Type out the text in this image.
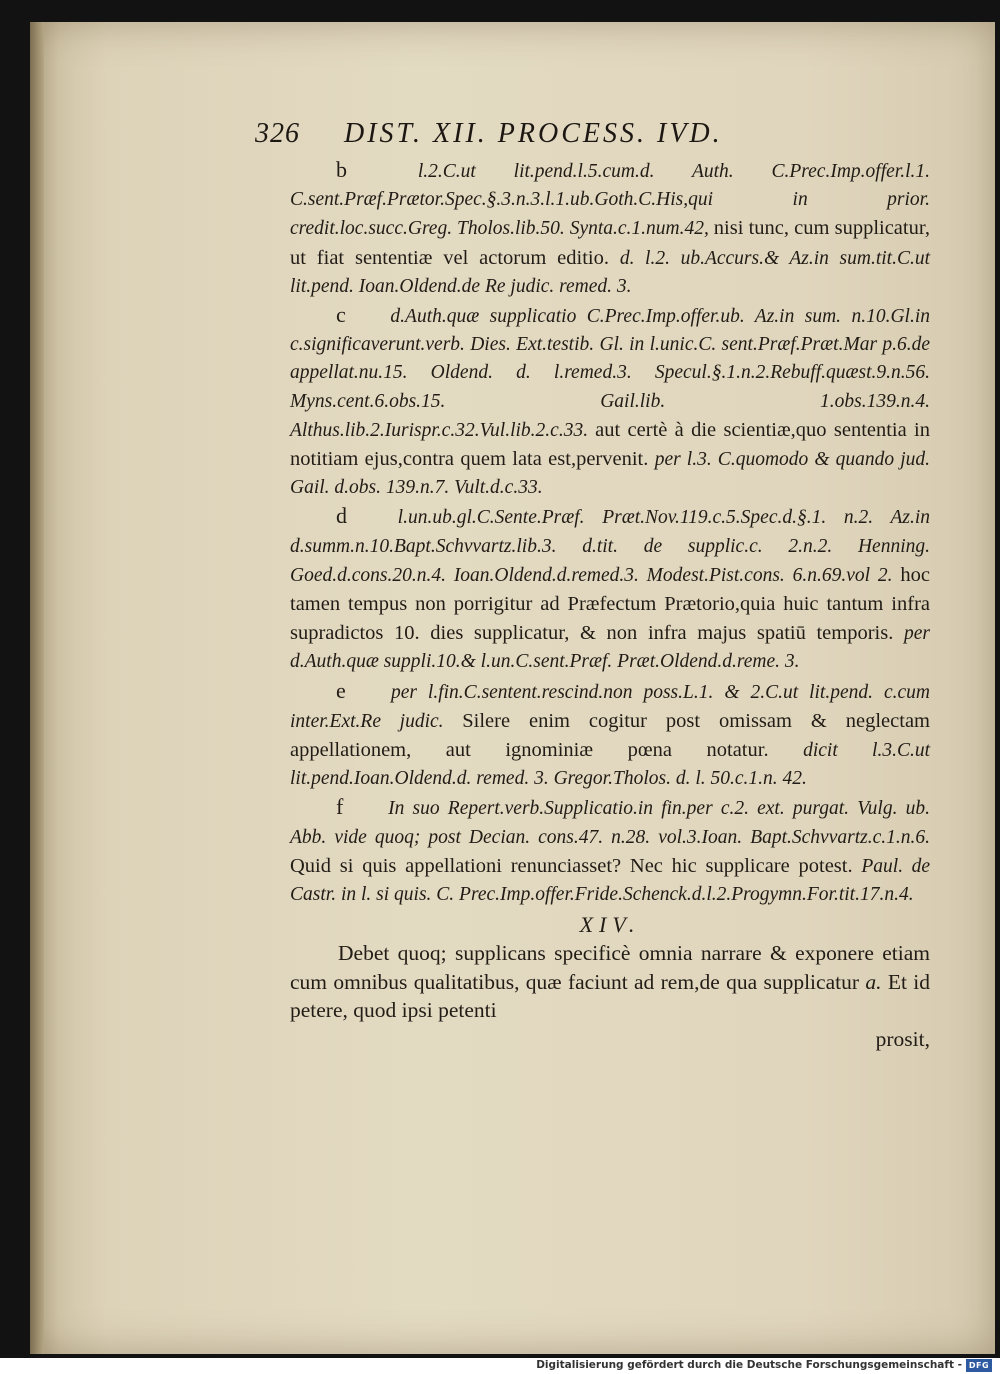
326 DIST. XII. PROCESS. IVD.

b	l.2.C.ut lit.pend.l.5.cum.d. Auth. C.Prec.Imp.offer.l.1. C.sent.Præf.Prætor.Spec.§.3.n.3.l.1.ub.Goth.C.His,qui in prior. credit.loc.succ.Greg. Tholos.lib.50. Synta.c.1.num.42, nisi tunc, cum supplicatur, ut fiat sententiæ vel actorum editio. d. l.2. ub.Accurs.& Az.in sum.tit.C.ut lit.pend. Ioan.Oldend.de Re judic. remed. 3.

c d.Auth.quæ supplicatio C.Prec.Imp.offer.ub. Az.in sum. n.10.Gl.in c.significaverunt.verb. Dies. Ext.testib. Gl. in l.unic.C. sent.Præf.Præt.Mar p.6.de appellat.nu.15. Oldend. d. l.remed.3. Specul.§.1.n.2.Rebuff.quæst.9.n.56. Myns.cent.6.obs.15. Gail.lib. 1.obs.139.n.4. Althus.lib.2.Iurispr.c.32.Vul.lib.2.c.33. aut certè à die scientiæ,quo sententia in notitiam ejus,contra quem lata est,pervenit. per l.3. C.quomodo & quando jud. Gail. d.obs. 139.n.7. Vult.d.c.33.

d	l.un.ub.gl.C.Sente.Præf. Præt.Nov.119.c.5.Spec.d.§.1. n.2. Az.in d.summ.n.10.Bapt.Schvvartz.lib.3. d.tit. de supplic.c. 2.n.2. Henning. Goed.d.cons.20.n.4. Ioan.Oldend.d.remed.3. Modest.Pist.cons. 6.n.69.vol 2. hoc tamen tempus non porrigitur ad Præfectum Prætorio,quia huic tantum infra supradictos 10. dies supplicatur, & non infra majus spatiū temporis. per d.Auth.quæ suppli.10.& l.un.C.sent.Præf. Præt.Oldend.d.reme. 3.

e per l.fin.C.sentent.rescind.non poss.L.1. & 2.C.ut lit.pend. c.cum inter.Ext.Re judic. Silere enim cogitur post omissam & neglectam appellationem, aut ignominiæ pœna notatur. dicit l.3.C.ut lit.pend.Ioan.Oldend.d. remed. 3. Gregor.Tholos. d. l. 50.c.1.n. 42.

f In suo Repert.verb.Supplicatio.in fin.per c.2. ext. purgat. Vulg. ub. Abb. vide quoq; post Decian. cons.47. n.28. vol.3.Ioan. Bapt.Schvvartz.c.1.n.6. Quid si quis appellationi renunciasset? Nec hic supplicare potest. Paul. de Castr. in l. si quis. C. Prec.Imp.offer.Fride.Schenck.d.l.2.Progymn.For.tit.17.n.4.

XIV.

Debet quoq; supplicans specificè omnia narrare & exponere etiam cum omnibus qualitatibus, quæ faciunt ad rem,de qua supplicatur a. Et id petere, quod ipsi petenti

prosit,

Digitalisierung gefördert durch die Deutsche Forschungsgemeinschaft - DFG
